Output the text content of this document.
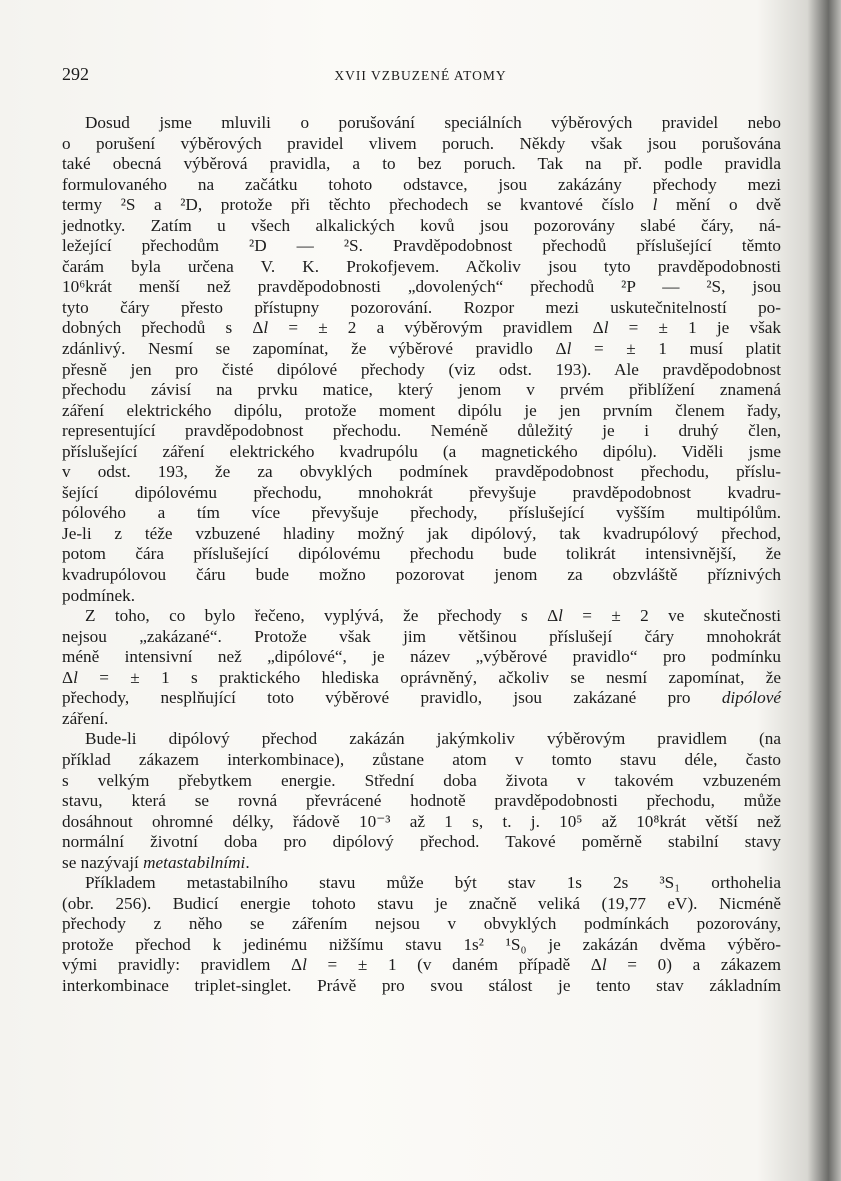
292	XVII VZBUZENÉ ATOMY
Dosud jsme mluvili o porušování speciálních výběrových pravidel nebo
o porušení výběrových pravidel vlivem poruch. Někdy však jsou porušována
také obecná výběrová pravidla, a to bez poruch. Tak na př. podle pravidla
formulovaného na začátku tohoto odstavce, jsou zakázány přechody mezi
termy ²S a ²D, protože při těchto přechodech se kvantové číslo l mění o dvě
jednotky. Zatím u všech alkalických kovů jsou pozorovány slabé čáry, ná-
ležející přechodům ²D — ²S. Pravděpodobnost přechodů příslušející těmto
čarám byla určena V. K. Prokofjevem. Ačkoliv jsou tyto pravděpodobnosti
10⁶krát menší než pravděpodobnosti „dovolených“ přechodů ²P — ²S, jsou
tyto čáry přesto přístupny pozorování. Rozpor mezi uskutečnitelností po-
dobných přechodů s Δl = ± 2 a výběrovým pravidlem Δl = ± 1 je však
zdánlivý. Nesmí se zapomínat, že výběrové pravidlo Δl = ± 1 musí platit
přesně jen pro čisté dipólové přechody (viz odst. 193). Ale pravděpodobnost
přechodu závisí na prvku matice, který jenom v prvém přiblížení znamená
záření elektrického dipólu, protože moment dipólu je jen prvním členem řady,
representující pravděpodobnost přechodu. Neméně důležitý je i druhý člen,
příslušející záření elektrického kvadrupólu (a magnetického dipólu). Viděli jsme
v odst. 193, že za obvyklých podmínek pravděpodobnost přechodu, příslu-
šející dipólovému přechodu, mnohokrát převyšuje pravděpodobnost kvadru-
pólového a tím více převyšuje přechody, příslušející vyšším multipólům.
Je-li z téže vzbuzené hladiny možný jak dipólový, tak kvadrupólový přechod,
potom čára příslušející dipólovému přechodu bude tolikrát intensivnější, že
kvadrupólovou čáru bude možno pozorovat jenom za obzvláště příznivých
podmínek.
Z toho, co bylo řečeno, vyplývá, že přechody s Δl = ± 2 ve skutečnosti
nejsou „zakázané“. Protože však jim většinou příslušejí čáry mnohokrát
méně intensivní než „dipólové“, je název „výběrové pravidlo“ pro podmínku
Δl = ± 1 s praktického hlediska oprávněný, ačkoliv se nesmí zapomínat, že
přechody, nesplňující toto výběrové pravidlo, jsou zakázané pro dipólové
záření.
Bude-li dipólový přechod zakázán jakýmkoliv výběrovým pravidlem (na
příklad zákazem interkombinace), zůstane atom v tomto stavu déle, často
s velkým přebytkem energie. Střední doba života v takovém vzbuzeném
stavu, která se rovná převrácené hodnotě pravděpodobnosti přechodu, může
dosáhnout ohromné délky, řádově 10⁻³ až 1 s, t. j. 10⁵ až 10⁸krát větší než
normální životní doba pro dipólový přechod. Takové poměrně stabilní stavy
se nazývají metastabilními.
Příkladem metastabilního stavu může být stav 1s 2s ³S₁ orthohelia
(obr. 256). Budicí energie tohoto stavu je značně veliká (19,77 eV). Nicméně
přechody z něho se zářením nejsou v obvyklých podmínkách pozorovány,
protože přechod k jedinému nižšímu stavu 1s² ¹S₀ je zakázán dvěma výběro-
vými pravidly: pravidlem Δl = ± 1 (v daném případě Δl = 0) a zákazem
interkombinace triplet-singlet. Právě pro svou stálost je tento stav základním
